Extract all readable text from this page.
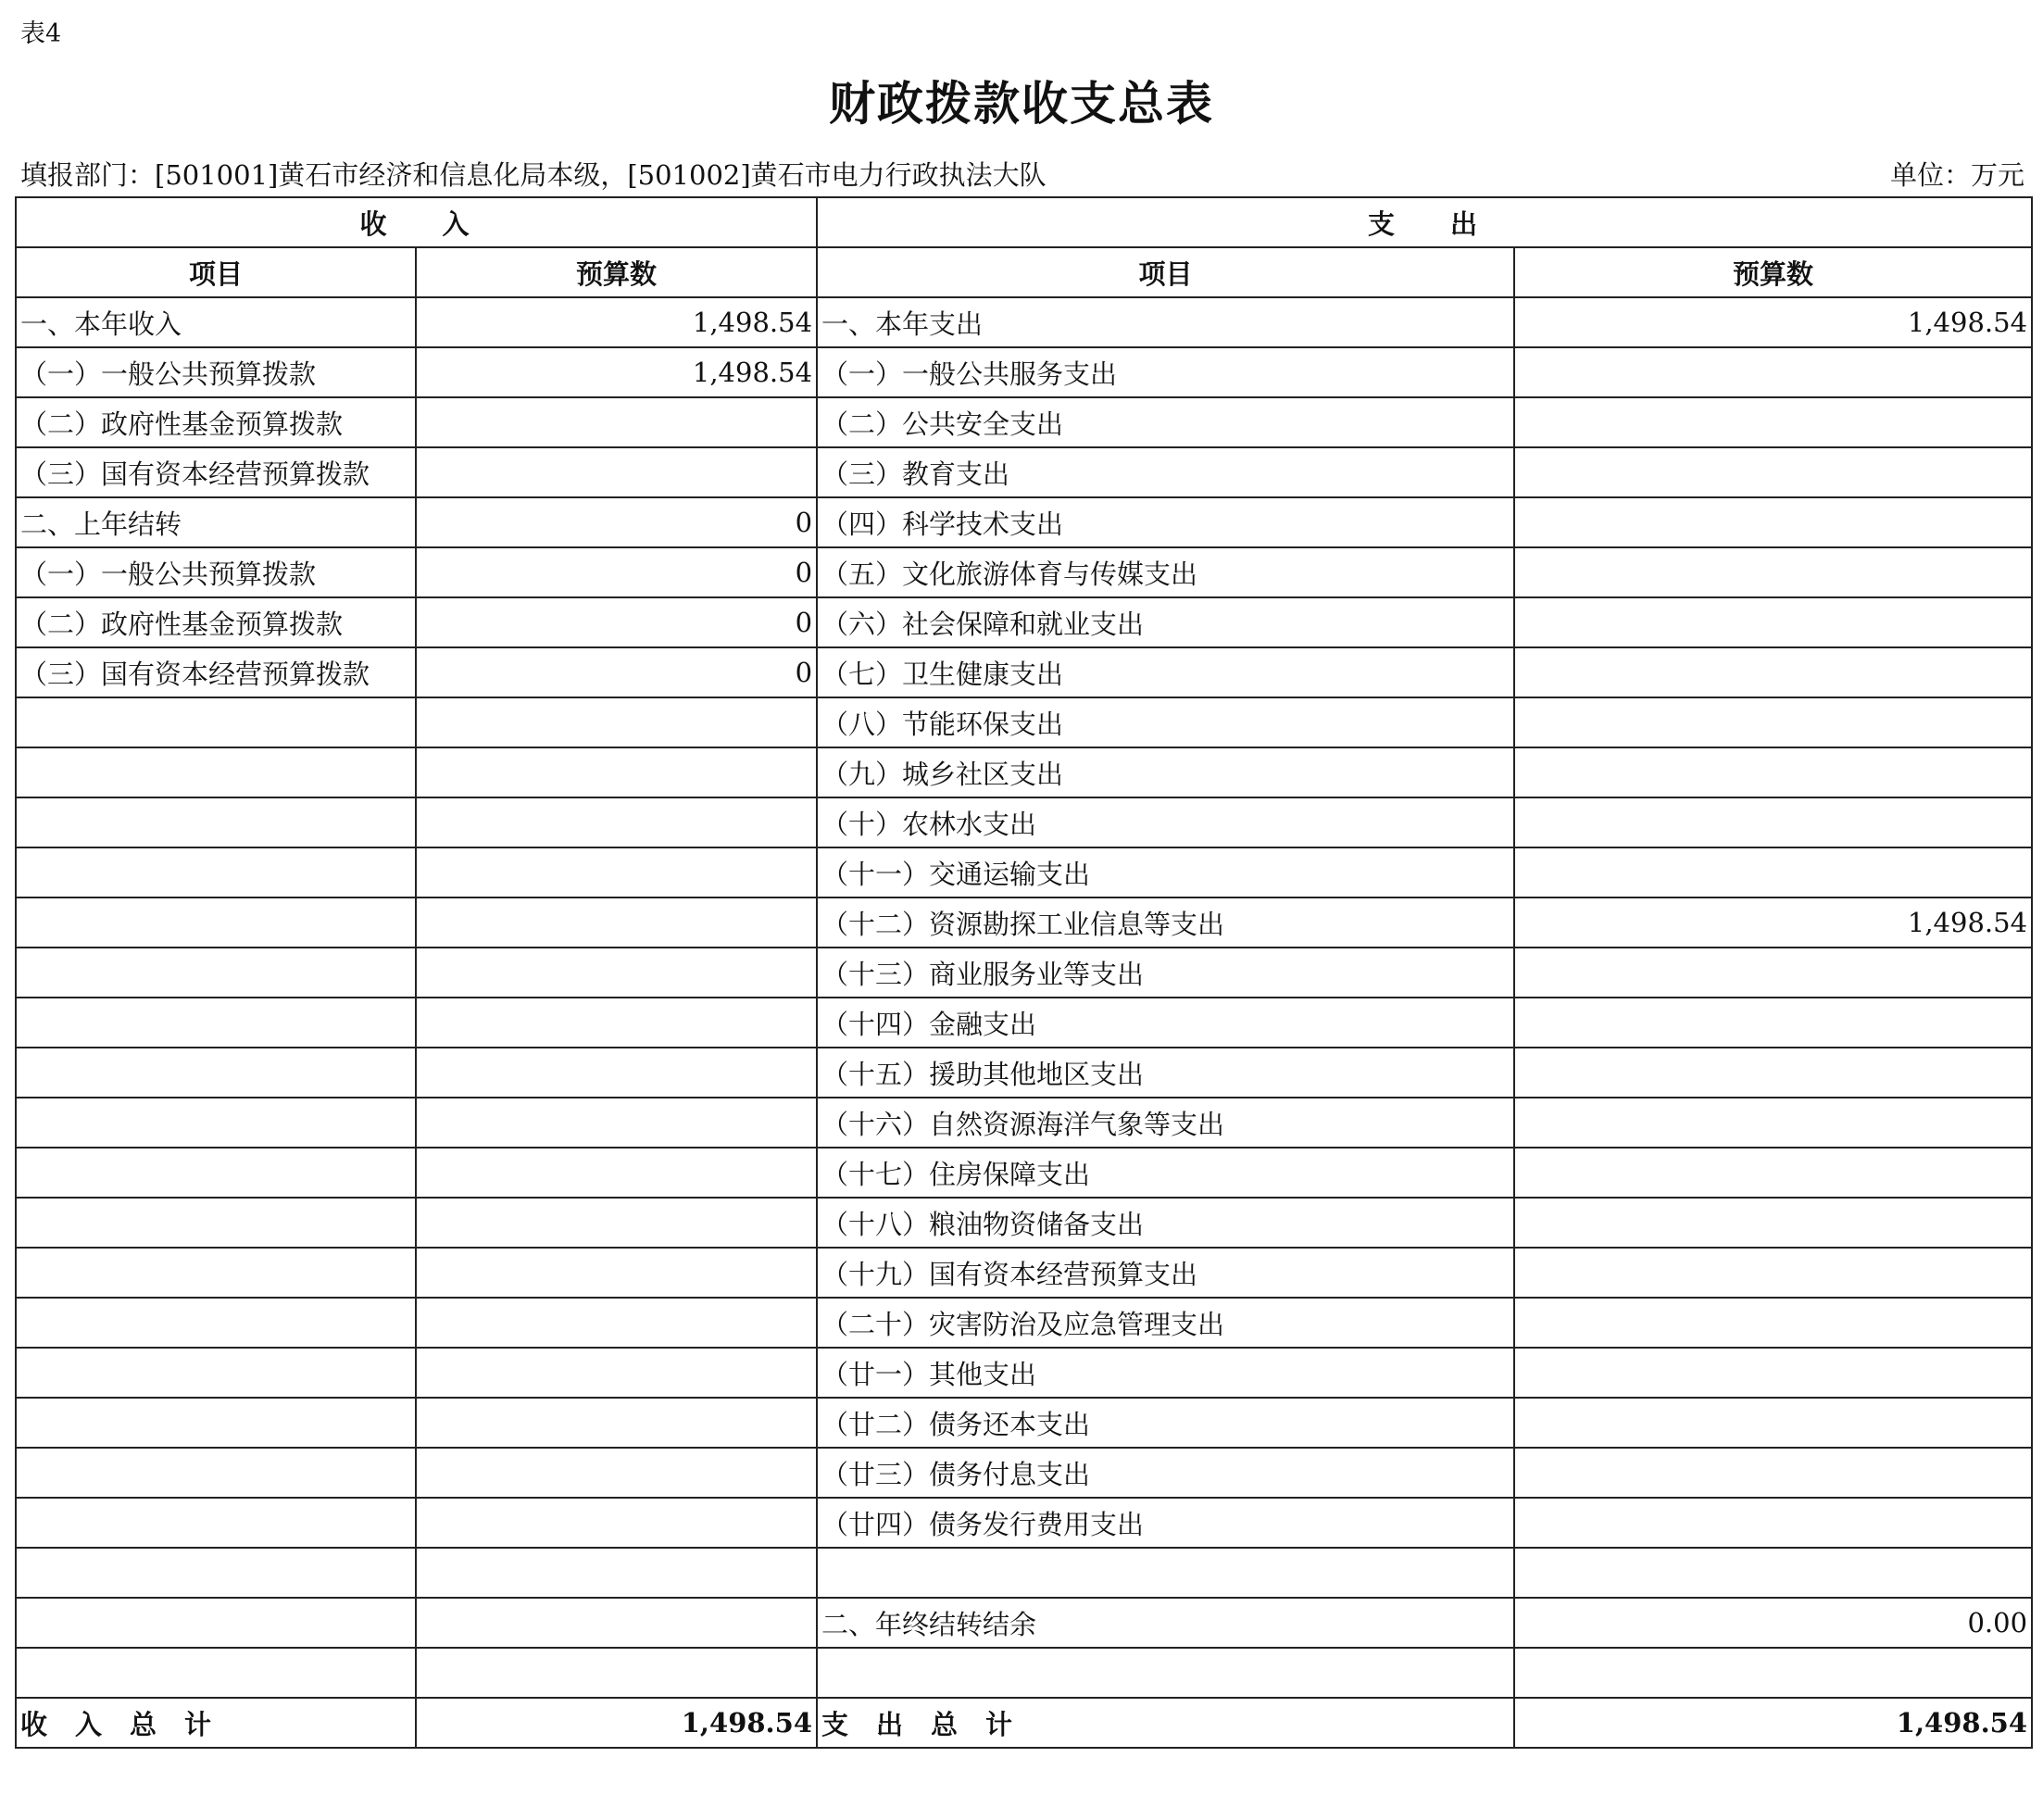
表4
财政拨款收支总表
填报部门：[501001]黄石市经济和信息化局本级，[501002]黄石市电力行政执法大队	单位：万元
收入		支出	
项目	预算数	项目	预算数
一、本年收入	1,498.54	一、本年支出	1,498.54
（一）一般公共预算拨款	1,498.54	（一）一般公共服务支出	
（二）政府性基金预算拨款		（二）公共安全支出	
（三）国有资本经营预算拨款		（三）教育支出	
二、上年结转	0	（四）科学技术支出	
（一）一般公共预算拨款	0	（五）文化旅游体育与传媒支出	
（二）政府性基金预算拨款	0	（六）社会保障和就业支出	
（三）国有资本经营预算拨款	0	（七）卫生健康支出	
		（八）节能环保支出	
		（九）城乡社区支出	
		（十）农林水支出	
		（十一）交通运输支出	
		（十二）资源勘探工业信息等支出	1,498.54
		（十三）商业服务业等支出	
		（十四）金融支出	
		（十五）援助其他地区支出	
		（十六）自然资源海洋气象等支出	
		（十七）住房保障支出	
		（十八）粮油物资储备支出	
		（十九）国有资本经营预算支出	
		（二十）灾害防治及应急管理支出	
		（廿一）其他支出	
		（廿二）债务还本支出	
		（廿三）债务付息支出	
		（廿四）债务发行费用支出	

		二、年终结转结余	0.00

收入总计	1,498.54	支出总计	1,498.54
